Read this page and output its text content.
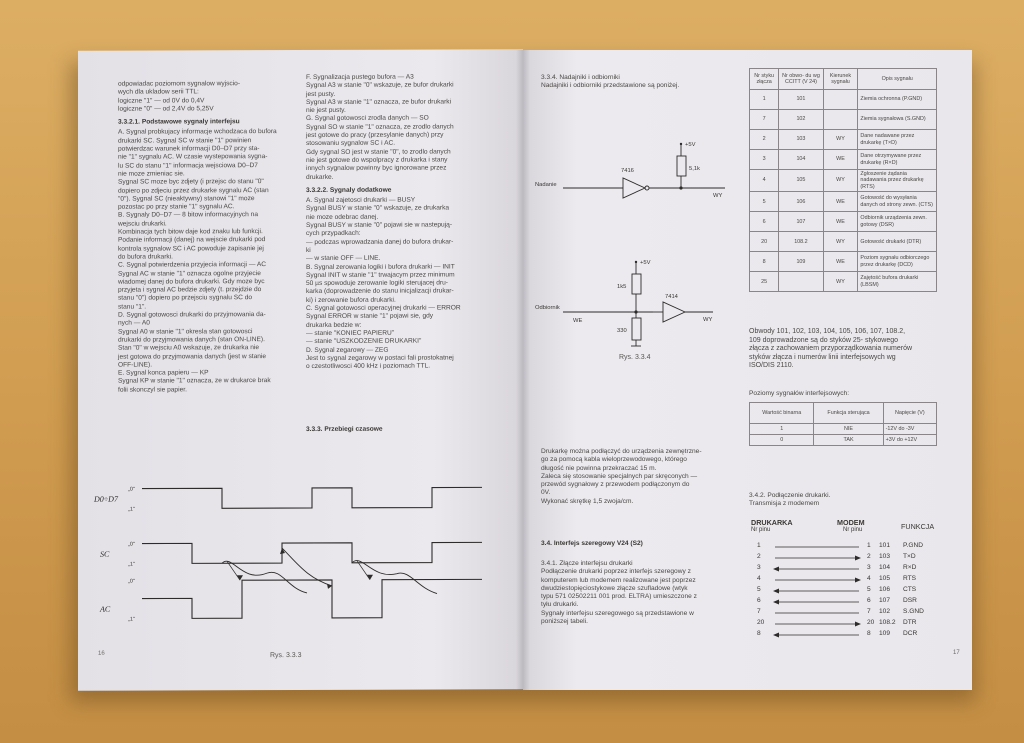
odpowiadac poziomom sygnalow wyjscio-

wych dla ukladow serii TTL:

logiczne "1" — od 0V do 0,4V

logiczne "0" — od 2,4V do 5,25V

3.3.2.1. Podstawowe sygnaly interfejsu

A. Sygnal probkujacy informacje wchodzaca do bufora

drukarki SC. Sygnal SC w stanie "1" powinien

potwierdzac warunek informacji D0–D7 przy sta-

nie "1" sygnalu AC. W czasie wystepowania sygna-

lu SC do stanu "1" informacja wejsciowa D0–D7

nie moze zmieniac sie.

Sygnal SC moze byc zdjety (i przejsc do stanu "0"

dopiero po zdjeciu przez drukarke sygnalu AC (stan

"0"). Sygnal SC (nieaktywny) stanowi "1" moze

pozostac po przy stanie "1" sygnalu AC.

B. Sygnaly D0–D7 — 8 bitow informacyjnych na

wejsciu drukarki.

Kombinacja tych bitow daje kod znaku lub funkcji.

Podanie informacji (danej) na wejscie drukarki pod

kontrola sygnalow SC i AC powoduje zapisanie jej

do bufora drukarki.

C. Sygnal potwierdzenia przyjecia informacji — AC

Sygnal AC w stanie "1" oznacza ogolne przyjecie

wiadomej danej do bufora drukarki. Gdy moze byc

przyjeta i sygnal AC bedzie zdjety (t. przejdzie do

stanu "0") dopiero po przejsciu sygnalu SC do

stanu "1".

D. Sygnal gotowosci drukarki do przyjmowania da-

nych — A0

Sygnal A0 w stanie "1" okresla stan gotowosci

drukarki do przyjmowania danych (stan ON-LINE).

Stan "0" w wejsciu A0 wskazuje, ze drukarka nie

jest gotowa do przyjmowania danych (jest w stanie

OFF-LINE).

E. Sygnal konca papieru — KP

Sygnal KP w stanie "1" oznacza, ze w drukarce brak

folii skonczyl sie papier.

F. Sygnalizacja pustego bufora — A3

Sygnal A3 w stanie "0" wskazuje, ze bufor drukarki

jest pusty.

Sygnal A3 w stanie "1" oznacza, ze bufor drukarki

nie jest pusty.

G. Sygnal gotowosci zrodla danych — SO

Sygnal SO w stanie "1" oznacza, ze zrodlo danych

jest gotowe do pracy (przesylanie danych) przy

stosowaniu sygnalow SC i AC.

Gdy sygnal SO jest w stanie "0", to zrodlo danych

nie jest gotowe do wspolpracy z drukarka i stany

innych sygnalow powinny byc ignorowane przez

drukarke.

3.3.2.2. Sygnaly dodatkowe

A. Sygnal zajetosci drukarki — BUSY

Sygnal BUSY w stanie "0" wskazuje, ze drukarka

nie moze odebrac danej.

Sygnal BUSY w stanie "0" pojawi sie w nastepują-

cych przypadkach:

— podczas wprowadzania danej do bufora drukar-

ki

— w stanie OFF — LINE.

B. Sygnal zerowania logiki i bufora drukarki — INIT

Sygnal INIT w stanie "1" trwajacym przez minimum

50 µs spowoduje zerowanie logiki sterujacej dru-

karka (doprowadzenie do stanu inicjalizacji drukar-

ki) i zerowanie bufora drukarki.

C. Sygnal gotowosci operacyjnej drukarki — ERROR

Sygnal ERROR w stanie "1" pojawi sie, gdy

drukarka bedzie w:

— stanie "KONIEC PAPIERU"

— stanie "USZKODZENIE DRUKARKI"

D. Sygnal zegarowy — ZEG

Jest to sygnal zegarowy w postaci fali prostokatnej

o czestotliwosci 400 kHz i poziomach TTL.

3.3.3. Przebiegi czasowe
D0÷D7
SC
AC
„0"
„1"
„0"
„1"
„0"
„1"
Rys. 3.3.3
16

3.3.4. Nadajniki i odbiorniki

Nadajniki i odbiorniki przedstawione są poniżej.

Nadanie
7416	5,1k
+5V
WY
Odbiornik
WE
+5V
1k5
330
7414
WY
Rys. 3.3.4

Drukarkę można podłączyć do urządzenia zewnętrzne-

go za pomocą kabla wieloprzewodowego, którego

długość nie powinna przekraczać 15 m.

Zaleca się stosowanie specjalnych par skręconych —

przewód sygnałowy z przewodem podłączonym do

0V.

Wykonać skrętkę 1,5 zwoja/cm.

3.4. Interfejs szeregowy V24 (S2)

3.4.1. Złącze interfejsu drukarki

Podłączenie drukarki poprzez interfejs szeregowy z

komputerem lub modemem realizowane jest poprzez

dwudziestopięciostykowe złącze szufladowe (wtyk

typu 571 02502211 001 prod. ELTRA) umieszczone z

tyłu drukarki.

Sygnały interfejsu szeregowego są przedstawione w

poniższej tabeli.

Nr styku złącza	Nr obwo- du wg CCITT (V 24)	Kierunek sygnału	Opis sygnału
1	101		Ziemia ochronna (P.GND)
7	102		Ziemia sygnałowa (S.GND)
2	103	WY	Dane nadawane przez drukarkę (T×D)
3	104	WE	Dane otrzymywane przez drukarkę (R×D)
4	105	WY	Zgłoszenie żądania nadawania przez drukarkę (RTS)
5	106	WE	Gotowość do wysyłania danych od strony zewn. (CTS)
6	107	WE	Odbiornik urządzenia zewn. gotowy (DSR)
20	108.2	WY	Gotowość drukarki (DTR)
8	109	WE	Poziom sygnału odbiorczego przez drukarkę (DCD)
25		WY	Zajętość bufora drukarki (LBSM)

Obwody 101, 102, 103, 104, 105, 106, 107, 108.2,

109 doprowadzone są do styków 25- stykowego

złącza z zachowaniem przyporządkowania numerów

styków złącza i numerów linii interfejsowych wg

ISO/DIS 2110.

Poziomy sygnałów interfejsowych:
Wartość binarna	Funkcja sterująca	Napięcie (V)
1	NIE	-12V do -3V
0	TAK	+3V do +12V

3.4.2. Podłączenie drukarki.

Transmisja z modemem

DRUKARKA
Nr pinu
MODEM
Nr pinu	FUNKCJA
1	1 101 P.GND
2	2 103 T×D
3	3 104 R×D
4	4 105 RTS
5	5 106 CTS
6	6 107 DSR
7	7 102 S.GND
20	20 108.2 DTR
8	8 109 DCR
17
